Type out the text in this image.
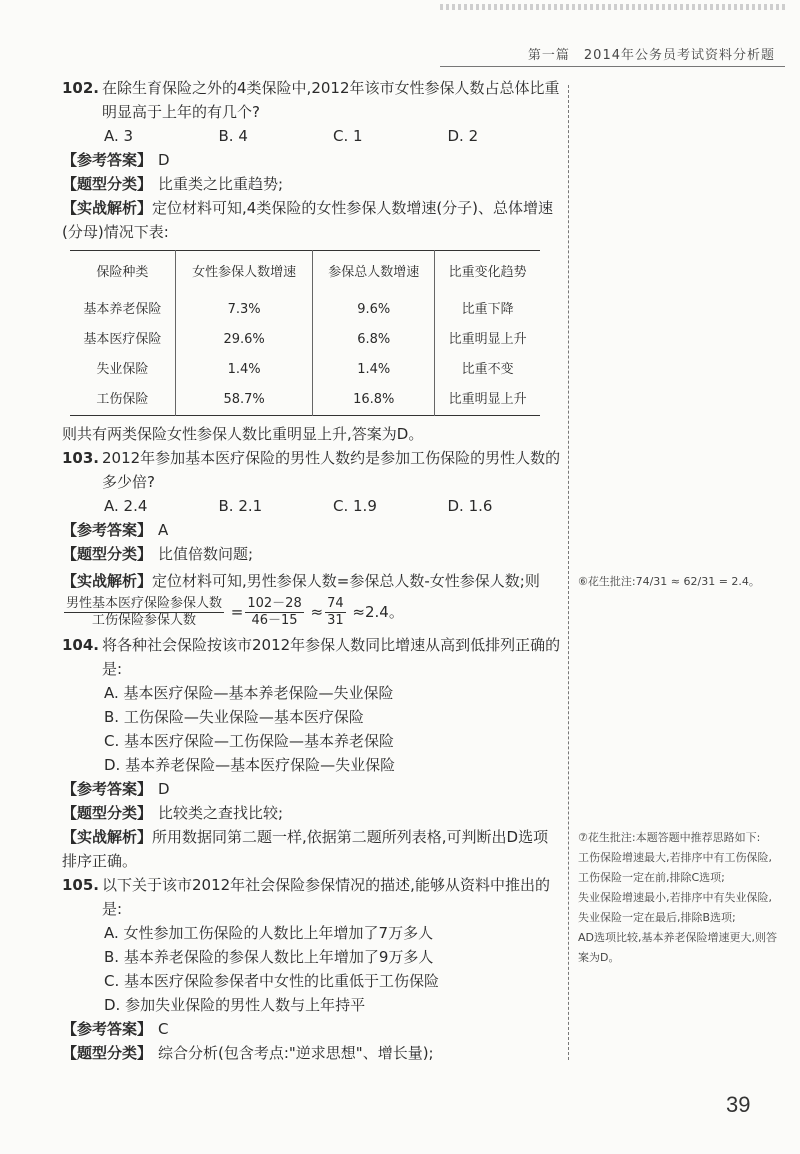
第一篇　2014年公务员考试资料分析题
102. 在除生育保险之外的4类保险中,2012年该市女性参保人数占总体比重明显高于上年的有几个?
A. 3	B. 4	C. 1	D. 2
【参考答案】 D
【题型分类】 比重类之比重趋势;
【实战解析】定位材料可知,4类保险的女性参保人数增速(分子)、总体增速(分母)情况下表:
保险种类	女性参保人数增速	参保总人数增速	比重变化趋势
基本养老保险	7.3%	9.6%	比重下降
基本医疗保险	29.6%	6.8%	比重明显上升
失业保险	1.4%	1.4%	比重不变
工伤保险	58.7%	16.8%	比重明显上升
则共有两类保险女性参保人数比重明显上升,答案为D。
103. 2012年参加基本医疗保险的男性人数约是参加工伤保险的男性人数的多少倍?
A. 2.4	B. 2.1	C. 1.9	D. 1.6
【参考答案】 A
【题型分类】 比值倍数问题;
【实战解析】定位材料可知,男性参保人数=参保总人数-女性参保人数;则
$\frac{\text{男性基本医疗保险参保人数}}{\text{工伤保险参保人数}} = \frac{102-28}{46-15} \approx \frac{74}{31} \approx 2.4$。
104. 将各种社会保险按该市2012年参保人数同比增速从高到低排列正确的是:
A. 基本医疗保险—基本养老保险—失业保险
B. 工伤保险—失业保险—基本医疗保险
C. 基本医疗保险—工伤保险—基本养老保险
D. 基本养老保险—基本医疗保险—失业保险
【参考答案】 D
【题型分类】 比较类之查找比较;
【实战解析】所用数据同第二题一样,依据第二题所列表格,可判断出D选项排序正确。
105. 以下关于该市2012年社会保险参保情况的描述,能够从资料中推出的是:
A. 女性参加工伤保险的人数比上年增加了7万多人
B. 基本养老保险的参保人数比上年增加了9万多人
C. 基本医疗保险参保者中女性的比重低于工伤保险
D. 参加失业保险的男性人数与上年持平
【参考答案】 C
【题型分类】 综合分析(包含考点:"逆求思想"、增长量);

⑥花生批注:74/31 ≈ 62/31 = 2.4。

⑦花生批注:本题答题中推荐思路如下:

工伤保险增速最大,若排序中有工伤保险,工伤保险一定在前,排除C选项;

失业保险增速最小,若排序中有失业保险,失业保险一定在最后,排除B选项;

AD选项比较,基本养老保险增速更大,则答案为D。

39
